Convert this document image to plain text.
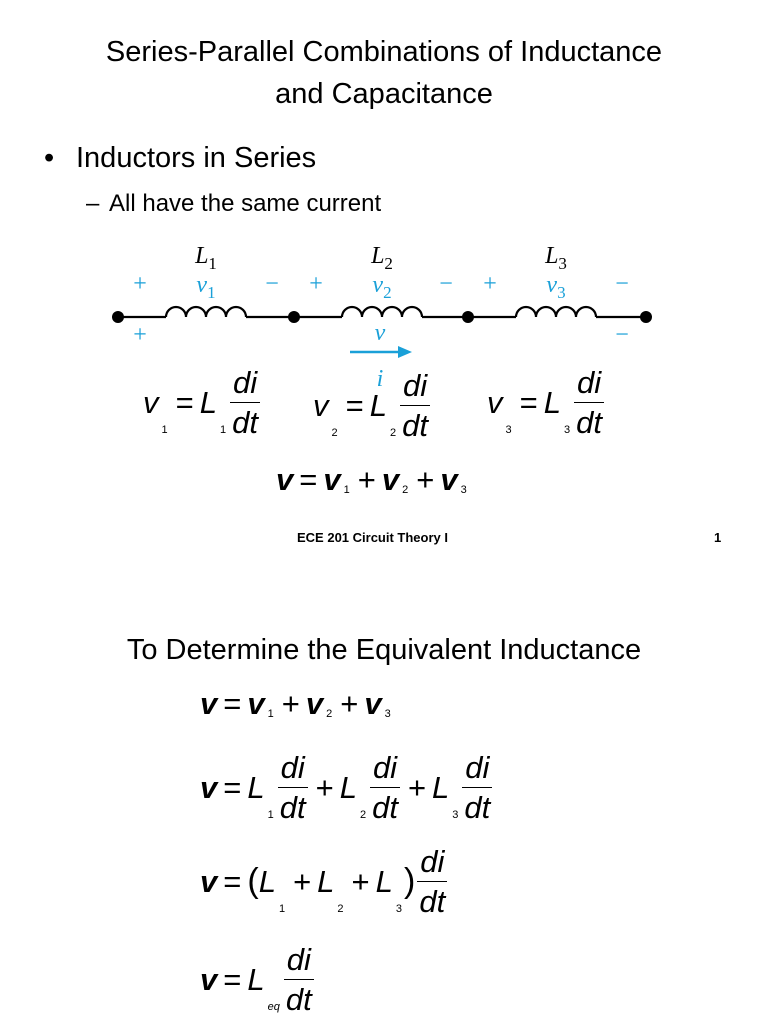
Series-Parallel Combinations of Inductance
and Capacitance
• Inductors in Series
– All have the same current
$L_1$	$L_2$	$L_3$
+ $v_1$ − + $v_2$ − + $v_3$ −
+	v	−
i
v
1
= L
$1 \frac{di}{dt}$ v
2
= L
$2 \frac{di}{dt}$ v
3
= L
$3 \frac{di}{dt}$
v = v 1 + v 2 + v 3
ECE 201 Circuit Theory I	1
To Determine the Equivalent Inductance
v = v 1 + v 2 + v 3
v = L
$1 \frac{di}{dt} + L$
$2 \frac{di}{dt} + L$
$3 \frac{di}{dt}$
v = ( L
1
+ L
2
+ L
3
) $\frac{di}{dt}$
v = L
eq $\frac{di}{dt}$
